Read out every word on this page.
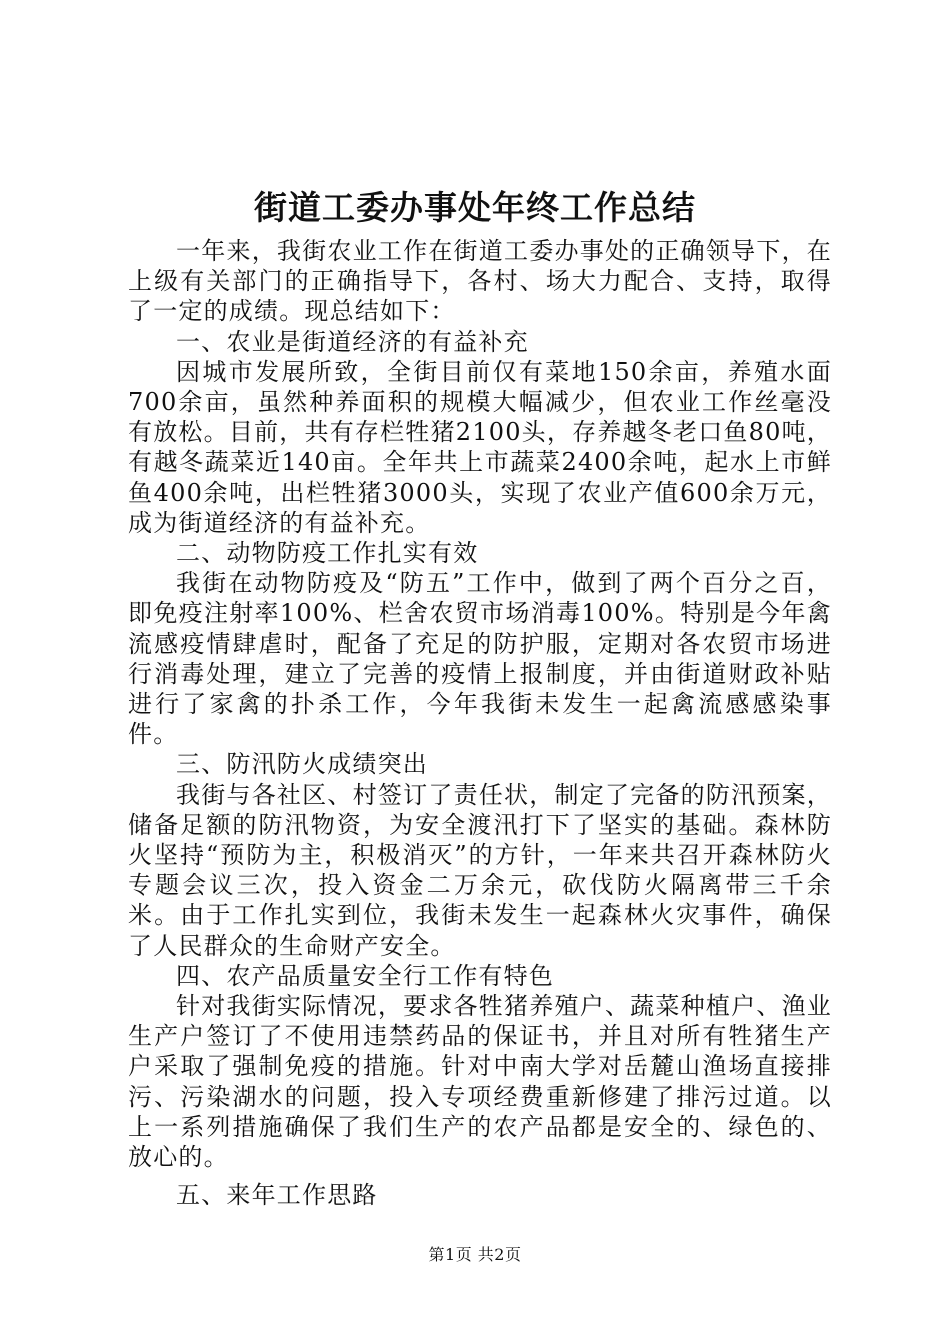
街道工委办事处年终工作总结

一年来，我街农业工作在街道工委办事处的正确领导下，在上级有关部门的正确指导下，各村、场大力配合、支持，取得了一定的成绩。现总结如下：

一、农业是街道经济的有益补充

因城市发展所致，全街目前仅有菜地150余亩，养殖水面700余亩，虽然种养面积的规模大幅减少，但农业工作丝毫没有放松。目前，共有存栏牲猪2100头，存养越冬老口鱼80吨，有越冬蔬菜近140亩。全年共上市蔬菜2400余吨，起水上市鲜鱼400余吨，出栏牲猪3000头，实现了农业产值600余万元，成为街道经济的有益补充。

二、动物防疫工作扎实有效

我街在动物防疫及“防五”工作中，做到了两个百分之百，即免疫注射率100%、栏舍农贸市场消毒100%。特别是今年禽流感疫情肆虐时，配备了充足的防护服，定期对各农贸市场进行消毒处理，建立了完善的疫情上报制度，并由街道财政补贴进行了家禽的扑杀工作，今年我街未发生一起禽流感感染事件。

三、防汛防火成绩突出

我街与各社区、村签订了责任状，制定了完备的防汛预案，储备足额的防汛物资，为安全渡汛打下了坚实的基础。森林防火坚持“预防为主，积极消灭”的方针，一年来共召开森林防火专题会议三次，投入资金二万余元，砍伐防火隔离带三千余米。由于工作扎实到位，我街未发生一起森林火灾事件，确保了人民群众的生命财产安全。

四、农产品质量安全行工作有特色

针对我街实际情况，要求各牲猪养殖户、蔬菜种植户、渔业生产户签订了不使用违禁药品的保证书，并且对所有牲猪生产户采取了强制免疫的措施。针对中南大学对岳麓山渔场直接排污、污染湖水的问题，投入专项经费重新修建了排污过道。以上一系列措施确保了我们生产的农产品都是安全的、绿色的、放心的。

五、来年工作思路

第1页 共2页
